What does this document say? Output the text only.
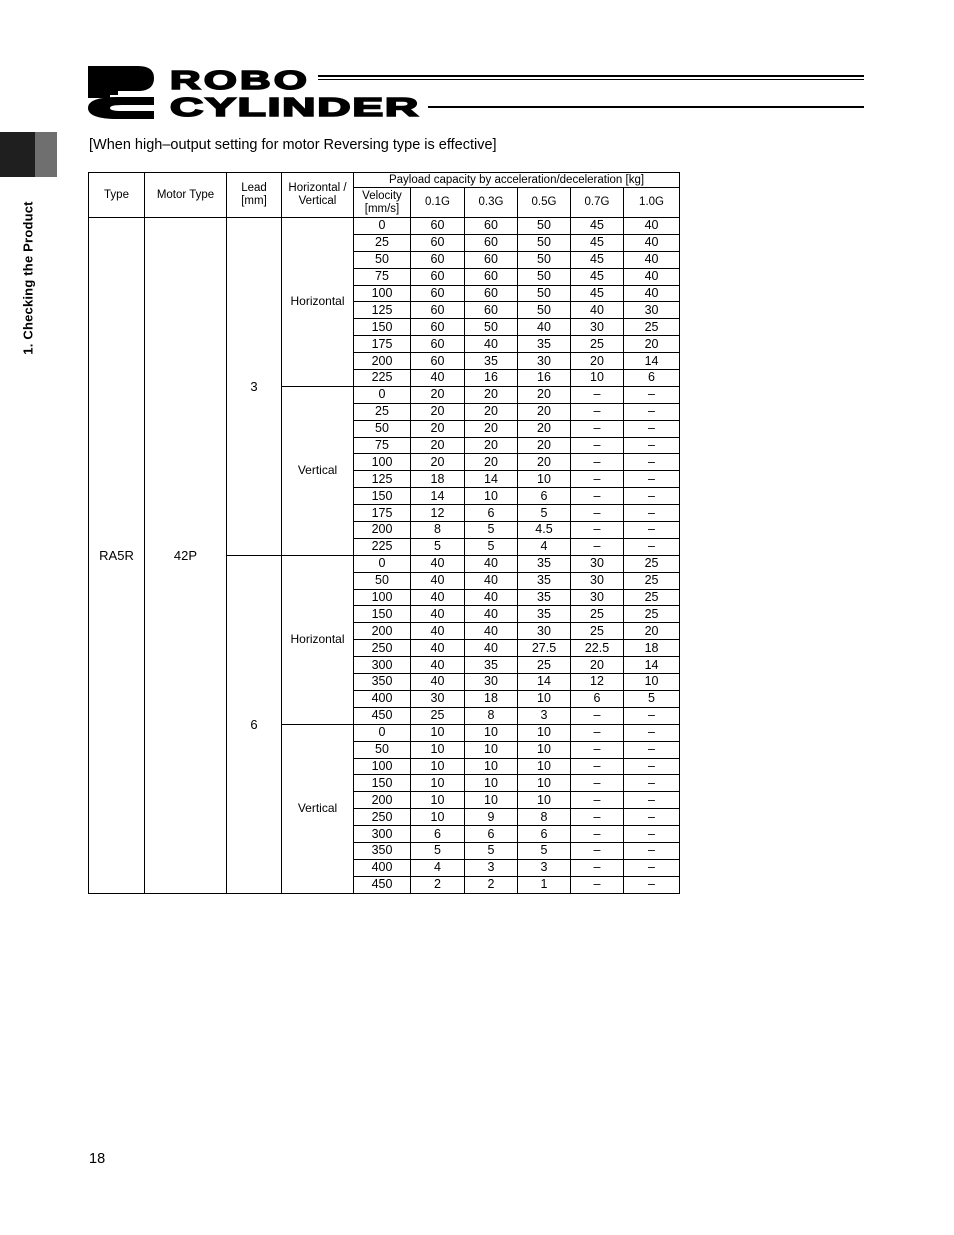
ROBO
CYLINDER
1. Checking the Product
[When high–output setting for motor Reversing type is effective]
Type	Motor Type	Lead [mm]	Horizontal / Vertical	Payload capacity by acceleration/deceleration [kg]					
				Velocity [mm/s]	0.1G	0.3G	0.5G	0.7G	1.0G
RA5R	42P	3	Horizontal	0	60	60	50	45	40
				25	60	60	50	45	40
				50	60	60	50	45	40
				75	60	60	50	45	40
				100	60	60	50	45	40
				125	60	60	50	40	30
				150	60	50	40	30	25
				175	60	40	35	25	20
				200	60	35	30	20	14
				225	40	16	16	10	6
			Vertical	0	20	20	20	–	–
				25	20	20	20	–	–
				50	20	20	20	–	–
				75	20	20	20	–	–
				100	20	20	20	–	–
				125	18	14	10	–	–
				150	14	10	6	–	–
				175	12	6	5	–	–
				200	8	5	4.5	–	–
				225	5	5	4	–	–
		6	Horizontal	0	40	40	35	30	25
				50	40	40	35	30	25
				100	40	40	35	30	25
				150	40	40	35	25	25
				200	40	40	30	25	20
				250	40	40	27.5	22.5	18
				300	40	35	25	20	14
				350	40	30	14	12	10
				400	30	18	10	6	5
				450	25	8	3	–	–
			Vertical	0	10	10	10	–	–
				50	10	10	10	–	–
				100	10	10	10	–	–
				150	10	10	10	–	–
				200	10	10	10	–	–
				250	10	9	8	–	–
				300	6	6	6	–	–
				350	5	5	5	–	–
				400	4	3	3	–	–
				450	2	2	1	–	–
18
